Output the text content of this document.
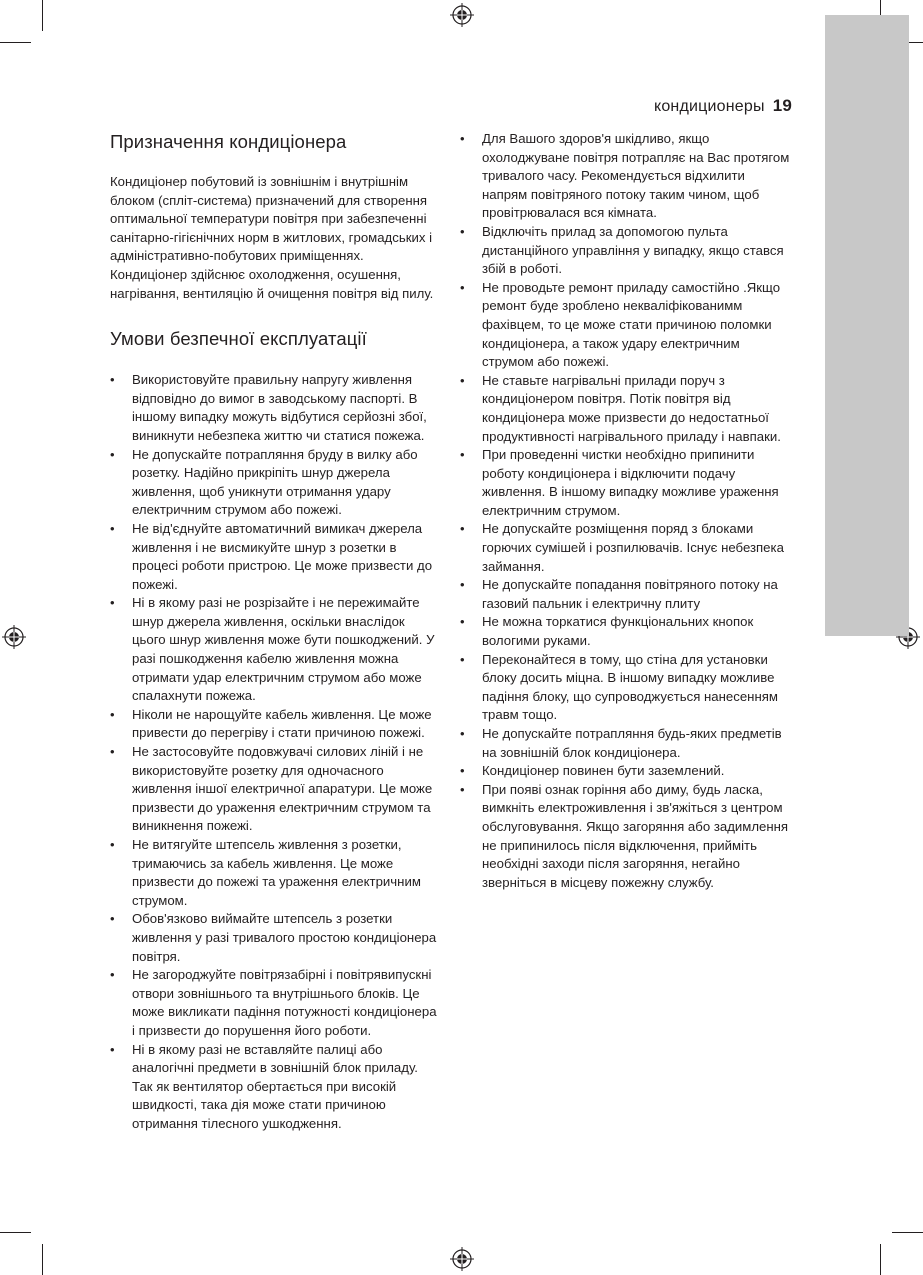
кондиционеры 19
Призначення кондиціонера

Кондиціонер побутовий із зовнішнім і внутрішнім блоком (спліт-система) призначений для створення оптимальної температури повітря при забезпеченні санітарно-гігієнічних норм в житлових, громадських і адміністративно-побутових приміщеннях. Кондиціонер здійснює охолодження, осушення, нагрівання, вентиляцію й очищення повітря від пилу.

Умови безпечної експлуатації
• Використовуйте правильну напругу живлення відповідно до вимог в заводському паспорті. В іншому випадку можуть відбутися серйозні збої, виникнути небезпека життю чи статися пожежа.
• Не допускайте потрапляння бруду в вилку або розетку. Надійно прикріпіть шнур джерела живлення, щоб уникнути отримання удару електричним струмом або пожежі.
• Не від'єднуйте автоматичний вимикач джерела живлення і не висмикуйте шнур з розетки в процесі роботи пристрою. Це може призвести до пожежі.
• Ні в якому разі не розрізайте і не пережимайте шнур джерела живлення, оскільки внаслідок цього шнур живлення може бути пошкоджений. У разі пошкодження кабелю живлення можна отримати удар електричним струмом або може спалахнути пожежа.
• Ніколи не нарощуйте кабель живлення. Це може привести до перегріву і стати причиною пожежі.
• Не застосовуйте подовжувачі силових ліній і не використовуйте розетку для одночасного живлення іншої електричної апаратури. Це може призвести до ураження електричним струмом та виникнення пожежі.
• Не витягуйте штепсель живлення з розетки, тримаючись за кабель живлення. Це може призвести до пожежі та ураження електричним струмом.
• Обов'язково виймайте штепсель з розетки живлення у разі тривалого простою кондиціонера повітря.
• Не загороджуйте повітрязабірні і повітрявипускні отвори зовнішнього та внутрішнього блоків. Це може викликати падіння потужності кондиціонера і призвести до порушення його роботи.
• Ні в якому разі не вставляйте палиці або аналогічні предмети в зовнішній блок приладу. Так як вентилятор обертається при високій швидкості, така дія може стати причиною отримання тілесного ушкодження.
• Для Вашого здоров'я шкідливо, якщо охолоджуване повітря потрапляє на Вас протягом тривалого часу. Рекомендується відхилити напрям повітряного потоку таким чином, щоб провітрювалася вся кімната.
• Відключіть прилад за допомогою пульта дистанційного управління у випадку, якщо стався збій в роботі.
• Не проводьте ремонт приладу самостійно .Якщо ремонт буде зроблено некваліфікованимм фахівцем, то це може стати причиною поломки кондиціонера, а також удару електричним струмом або пожежі.
• Не ставьте нагрівальні прилади поруч з кондиціонером повітря. Потік повітря від кондиціонера може призвести до недостатньої продуктивності нагрівального приладу і навпаки.
• При проведенні чистки необхідно припинити роботу кондиціонера і відключити подачу живлення. В іншому випадку можливе ураження електричним струмом.
• Не допускайте розміщення поряд з блоками горючих сумішей і розпилювачів. Існує небезпека займання.
• Не допускайте попадання повітряного потоку на газовий пальник і електричну плиту
• Не можна торкатися функціональних кнопок вологими руками.
• Переконайтеся в тому, що стіна для установки блоку досить міцна. В іншому випадку можливе падіння блоку, що супроводжується нанесенням травм тощо.
• Не допускайте потрапляння будь-яких предметів на зовнішній блок кондиціонера.
• Кондиціонер повинен бути заземлений.
• При появі ознак горіння або диму, будь ласка, вимкніть електроживлення і зв'яжіться з центром обслуговування. Якщо загоряння або задимлення не припинилось після відключення, прийміть необхідні заходи після загоряння, негайно зверніться в місцеву пожежну службу.
